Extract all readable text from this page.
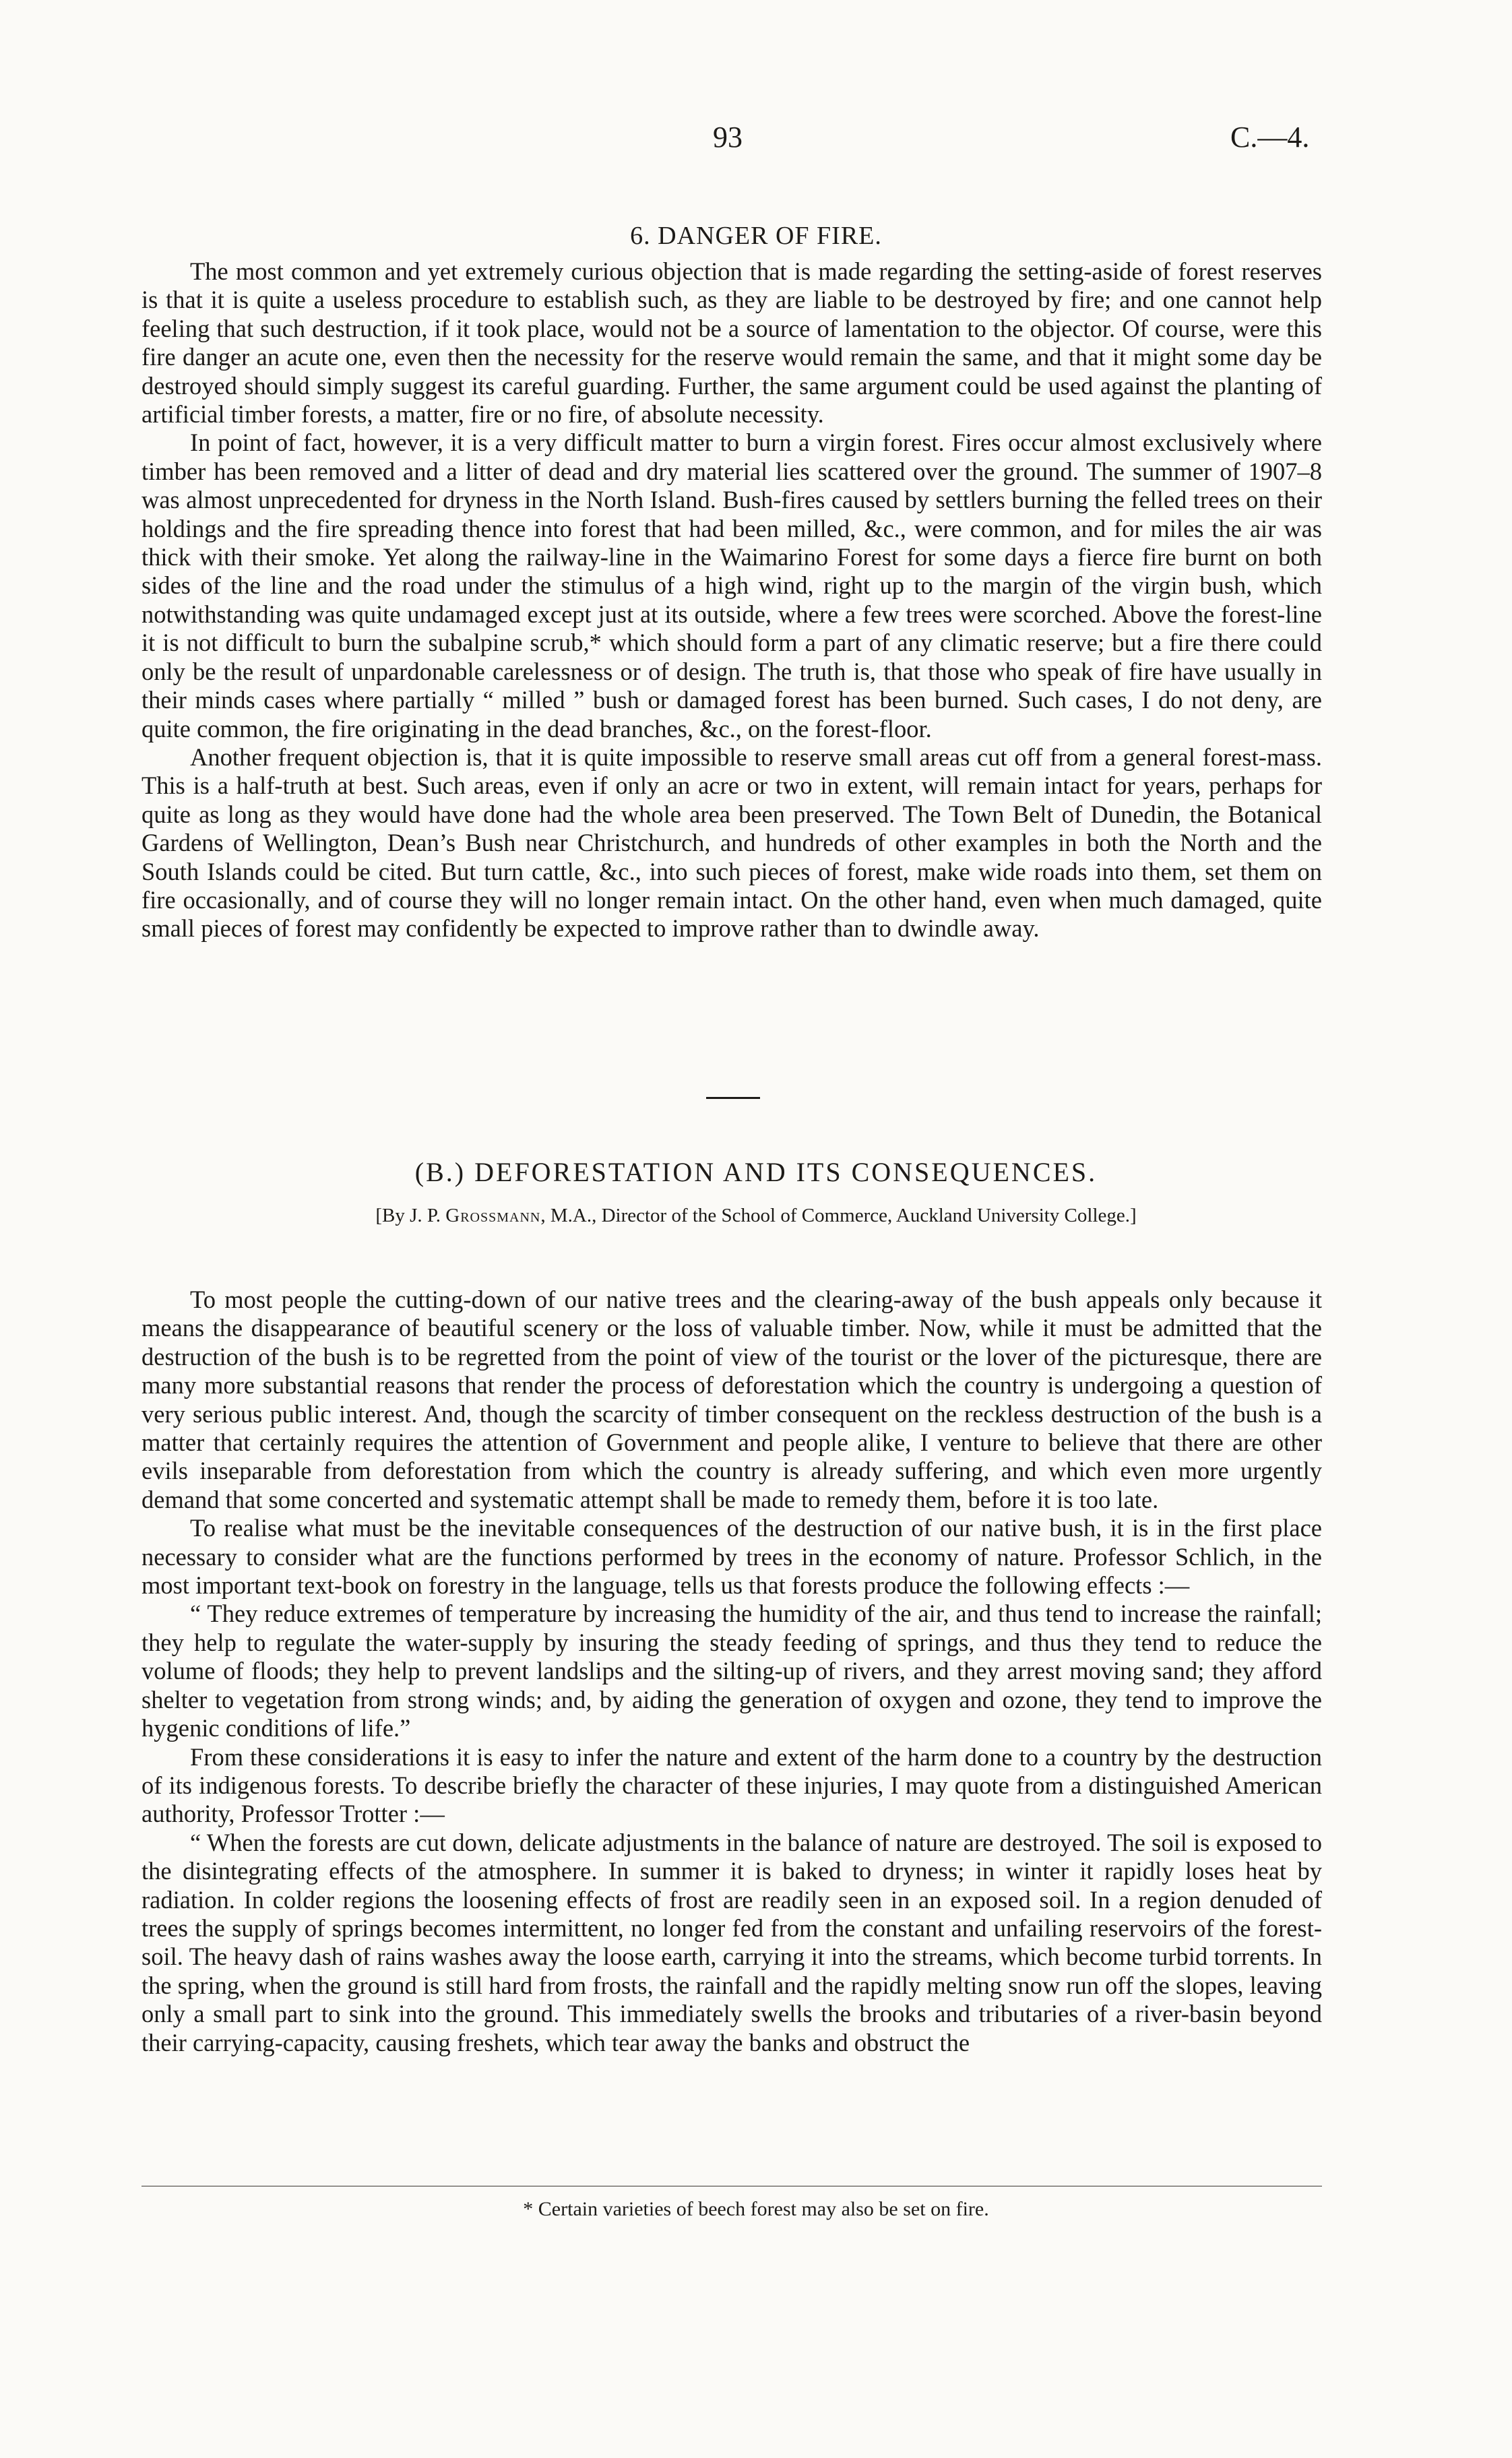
93	C.—4.
6. DANGER OF FIRE.

The most common and yet extremely curious objection that is made regarding the setting-aside of forest reserves is that it is quite a useless procedure to establish such, as they are liable to be destroyed by fire; and one cannot help feeling that such destruction, if it took place, would not be a source of lamentation to the objector. Of course, were this fire danger an acute one, even then the necessity for the reserve would remain the same, and that it might some day be destroyed should simply suggest its careful guarding. Further, the same argument could be used against the planting of artificial timber forests, a matter, fire or no fire, of absolute necessity.

In point of fact, however, it is a very difficult matter to burn a virgin forest. Fires occur almost exclusively where timber has been removed and a litter of dead and dry material lies scattered over the ground. The summer of 1907–8 was almost unprecedented for dryness in the North Island. Bush-fires caused by settlers burning the felled trees on their holdings and the fire spreading thence into forest that had been milled, &c., were common, and for miles the air was thick with their smoke. Yet along the railway-line in the Waimarino Forest for some days a fierce fire burnt on both sides of the line and the road under the stimulus of a high wind, right up to the margin of the virgin bush, which notwithstanding was quite undamaged except just at its outside, where a few trees were scorched. Above the forest-line it is not difficult to burn the subalpine scrub,* which should form a part of any climatic reserve; but a fire there could only be the result of unpardonable carelessness or of design. The truth is, that those who speak of fire have usually in their minds cases where partially “ milled ” bush or damaged forest has been burned. Such cases, I do not deny, are quite common, the fire originating in the dead branches, &c., on the forest-floor.

Another frequent objection is, that it is quite impossible to reserve small areas cut off from a general forest-mass. This is a half-truth at best. Such areas, even if only an acre or two in extent, will remain intact for years, perhaps for quite as long as they would have done had the whole area been preserved. The Town Belt of Dunedin, the Botanical Gardens of Wellington, Dean’s Bush near Christchurch, and hundreds of other examples in both the North and the South Islands could be cited. But turn cattle, &c., into such pieces of forest, make wide roads into them, set them on fire occasionally, and of course they will no longer remain intact. On the other hand, even when much damaged, quite small pieces of forest may confidently be expected to improve rather than to dwindle away.

(B.) DEFORESTATION AND ITS CONSEQUENCES.
[By J. P. Grossmann, M.A., Director of the School of Commerce, Auckland University College.]

To most people the cutting-down of our native trees and the clearing-away of the bush appeals only because it means the disappearance of beautiful scenery or the loss of valuable timber. Now, while it must be admitted that the destruction of the bush is to be regretted from the point of view of the tourist or the lover of the picturesque, there are many more substantial reasons that render the process of deforestation which the country is undergoing a question of very serious public interest. And, though the scarcity of timber consequent on the reckless destruction of the bush is a matter that certainly requires the attention of Government and people alike, I venture to believe that there are other evils inseparable from deforestation from which the country is already suffering, and which even more urgently demand that some concerted and systematic attempt shall be made to remedy them, before it is too late.

To realise what must be the inevitable consequences of the destruction of our native bush, it is in the first place necessary to consider what are the functions performed by trees in the economy of nature. Professor Schlich, in the most important text-book on forestry in the language, tells us that forests produce the following effects :—

“ They reduce extremes of temperature by increasing the humidity of the air, and thus tend to increase the rainfall; they help to regulate the water-supply by insuring the steady feeding of springs, and thus they tend to reduce the volume of floods; they help to prevent landslips and the silting-up of rivers, and they arrest moving sand; they afford shelter to vegetation from strong winds; and, by aiding the generation of oxygen and ozone, they tend to improve the hygenic conditions of life.”

From these considerations it is easy to infer the nature and extent of the harm done to a country by the destruction of its indigenous forests. To describe briefly the character of these injuries, I may quote from a distinguished American authority, Professor Trotter :—

“ When the forests are cut down, delicate adjustments in the balance of nature are destroyed. The soil is exposed to the disintegrating effects of the atmosphere. In summer it is baked to dryness; in winter it rapidly loses heat by radiation. In colder regions the loosening effects of frost are readily seen in an exposed soil. In a region denuded of trees the supply of springs becomes intermittent, no longer fed from the constant and unfailing reservoirs of the forest-soil. The heavy dash of rains washes away the loose earth, carrying it into the streams, which become turbid torrents. In the spring, when the ground is still hard from frosts, the rainfall and the rapidly melting snow run off the slopes, leaving only a small part to sink into the ground. This immediately swells the brooks and tributaries of a river-basin beyond their carrying-capacity, causing freshets, which tear away the banks and obstruct the

* Certain varieties of beech forest may also be set on fire.
